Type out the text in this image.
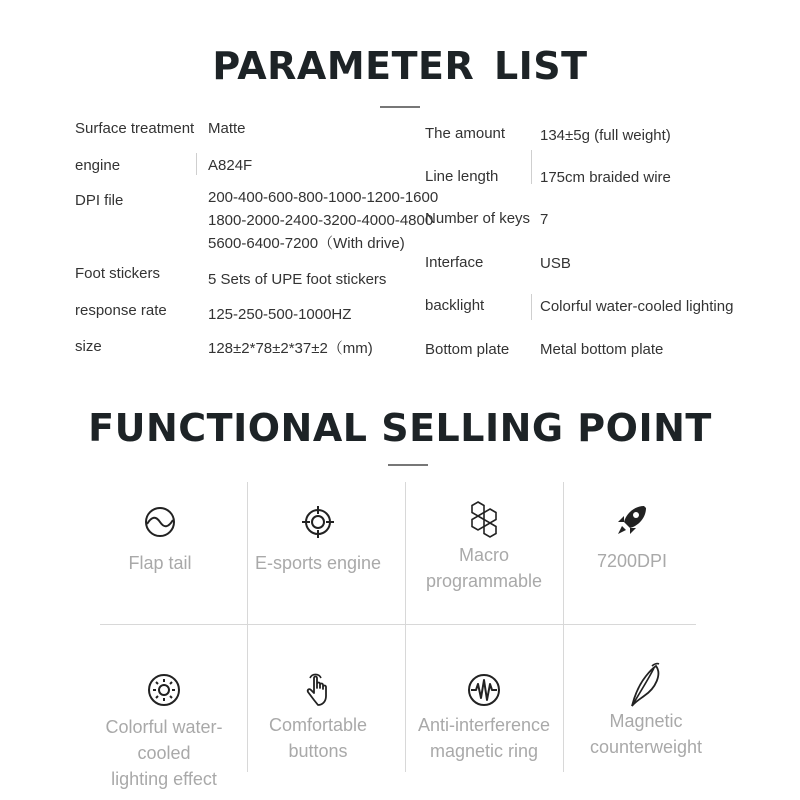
PARAMETER LIST
Surface treatment
engine
DPI file
Foot stickers
response rate
size
Matte
A824F
200-400-600-800-1000-1200-1600
1800-2000-2400-3200-4000-4800
5600-6400-7200（With drive)
5 Sets of UPE foot stickers
125-250-500-1000HZ
128±2*78±2*37±2（mm)
The amount
Line length
Number of keys
Interface
backlight
Bottom plate
134±5g (full weight)
175cm braided wire
7
USB
Colorful water-cooled lighting
Metal bottom plate
FUNCTIONAL SELLING POINT
Flap tail	E-sports engine	Macro
programmable
7200DPI
Colorful water-cooled
lighting effect
Comfortable
buttons
Anti-interference
magnetic ring
Magnetic
counterweight
